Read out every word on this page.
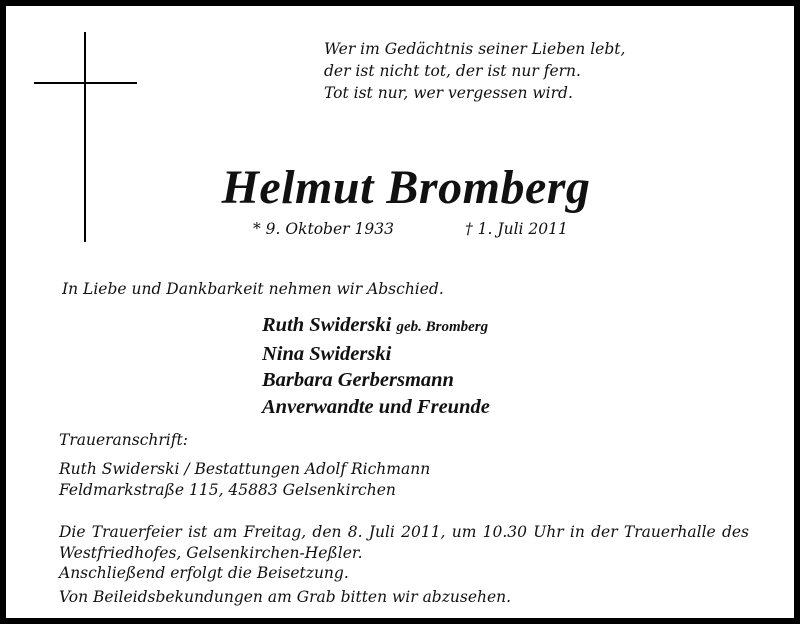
Wer im Gedächtnis seiner Lieben lebt,
der ist nicht tot, der ist nur fern.
Tot ist nur, wer vergessen wird.
Helmut Bromberg
* 9. Oktober 1933	† 1. Juli 2011
In Liebe und Dankbarkeit nehmen wir Abschied.
Ruth Swiderski geb. Bromberg
Nina Swiderski
Barbara Gerbersmann
Anverwandte und Freunde
Traueranschrift:
Ruth Swiderski / Bestattungen Adolf Richmann
Feldmarkstraße 115, 45883 Gelsenkirchen
Die Trauerfeier ist am Freitag, den 8. Juli 2011, um 10.30 Uhr in der Trauerhalle des
Westfriedhofes, Gelsenkirchen-Heßler.
Anschließend erfolgt die Beisetzung.
Von Beileidsbekundungen am Grab bitten wir abzusehen.
